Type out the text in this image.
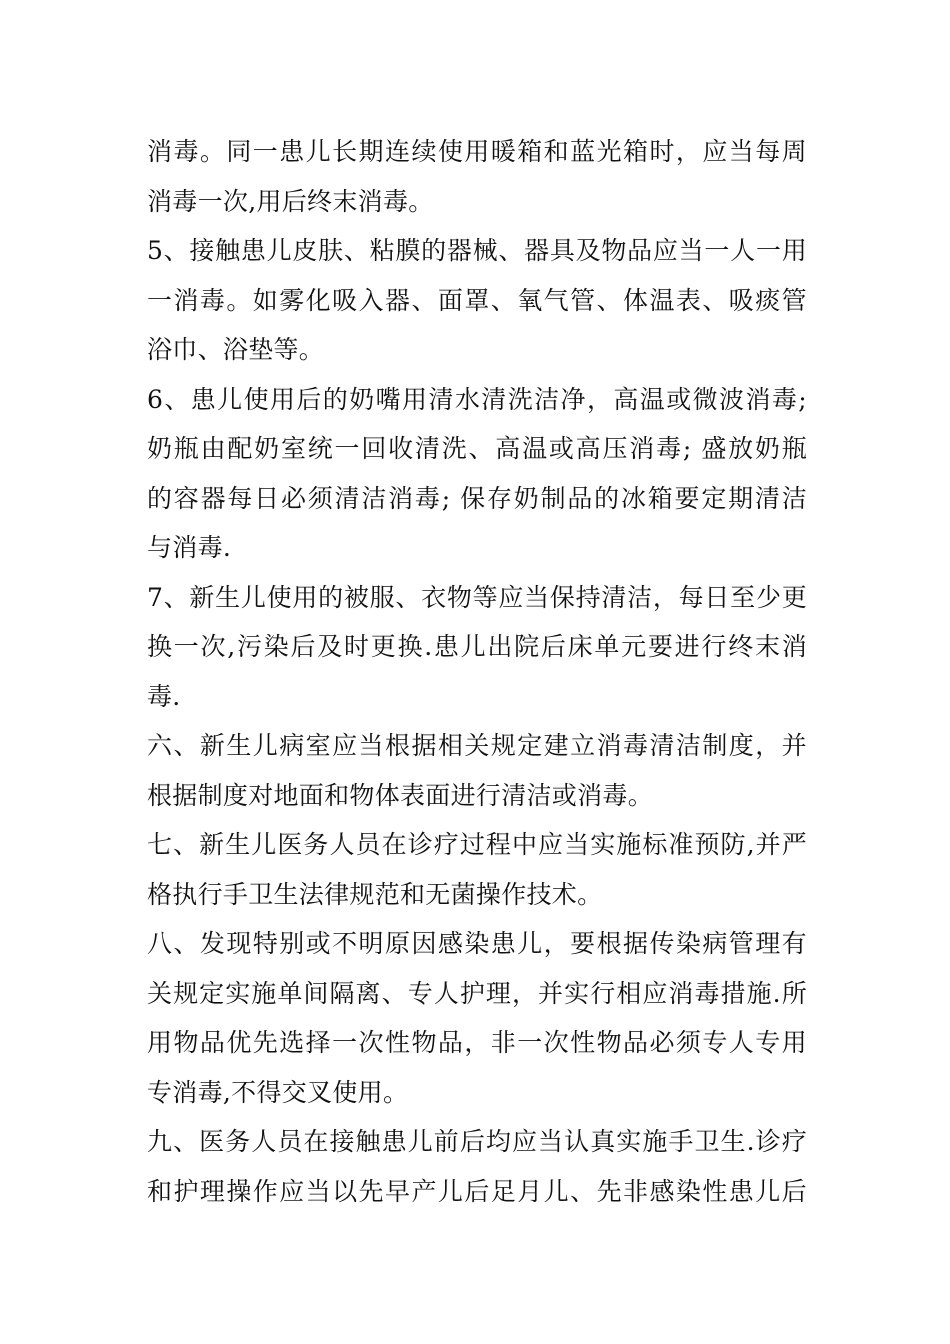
消毒。同一患儿长期连续使用暖箱和蓝光箱时，应当每周
消毒一次,用后终末消毒。
5、接触患儿皮肤、粘膜的器械、器具及物品应当一人一用
一消毒。如雾化吸入器、面罩、氧气管、体温表、吸痰管
浴巾、浴垫等。
6、患儿使用后的奶嘴用清水清洗洁净，高温或微波消毒;
奶瓶由配奶室统一回收清洗、高温或高压消毒; 盛放奶瓶
的容器每日必须清洁消毒; 保存奶制品的冰箱要定期清洁
与消毒.
7、新生儿使用的被服、衣物等应当保持清洁，每日至少更
换一次,污染后及时更换.患儿出院后床单元要进行终末消
毒.
六、新生儿病室应当根据相关规定建立消毒清洁制度，并
根据制度对地面和物体表面进行清洁或消毒。
七、新生儿医务人员在诊疗过程中应当实施标准预防,并严
格执行手卫生法律规范和无菌操作技术。
八、发现特别或不明原因感染患儿，要根据传染病管理有
关规定实施单间隔离、专人护理，并实行相应消毒措施.所
用物品优先选择一次性物品，非一次性物品必须专人专用
专消毒,不得交叉使用。
九、医务人员在接触患儿前后均应当认真实施手卫生.诊疗
和护理操作应当以先早产儿后足月儿、先非感染性患儿后
